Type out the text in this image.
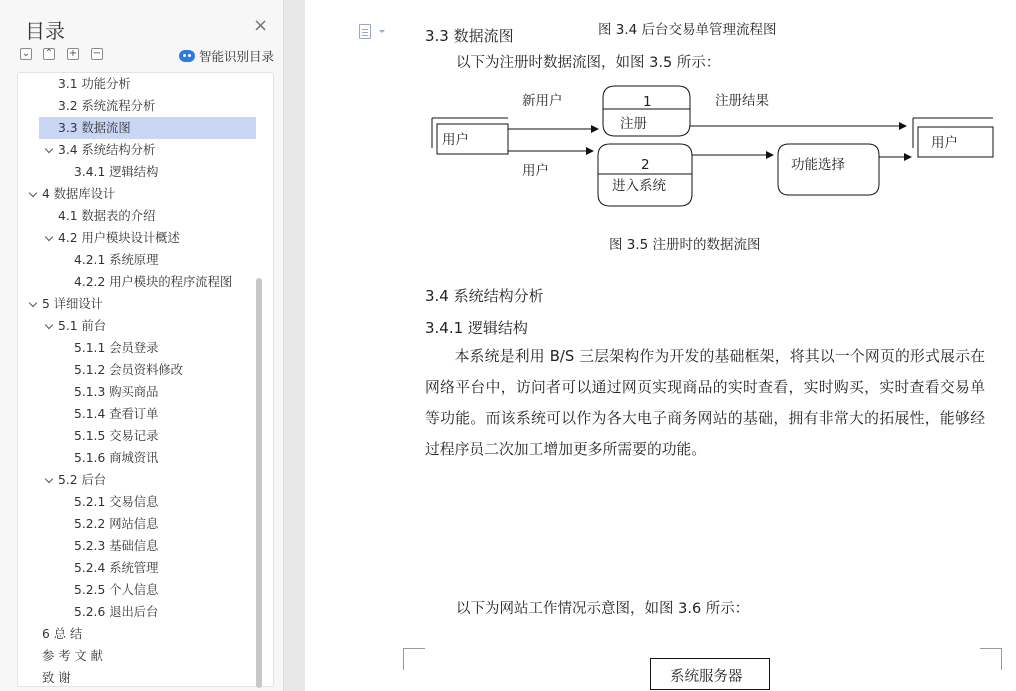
目录	×
⌄ ⌃ + −	智能识别目录
3.1 功能分析
3.2 系统流程分析
3.3 数据流图
3.4 系统结构分析
3.4.1 逻辑结构
4 数据库设计
4.1 数据表的介绍
4.2 用户模块设计概述
4.2.1 系统原理
4.2.2 用户模块的程序流程图
5 详细设计
5.1 前台
5.1.1 会员登录
5.1.2 会员资料修改
5.1.3 购买商品
5.1.4 查看订单
5.1.5 交易记录
5.1.6 商城资讯
5.2 后台
5.2.1 交易信息
5.2.2 网站信息
5.2.3 基础信息
5.2.4 系统管理
5.2.5 个人信息
5.2.6 退出后台
6 总 结
参 考 文 献
致 谢
图 3.4 后台交易单管理流程图
3.3 数据流图
以下为注册时数据流图，如图 3.5 所示：
用户
新用户
用户
1
注册
2
进入系统
注册结果
功能选择
用户
图 3.5 注册时的数据流图
3.4 系统结构分析
3.4.1 逻辑结构
本系统是利用 B/S 三层架构作为开发的基础框架，将其以一个网页的形式展示在网络平台中，访问者可以通过网页实现商品的实时查看，实时购买，实时查看交易单等功能。而该系统可以作为各大电子商务网站的基础，拥有非常大的拓展性，能够经过程序员二次加工增加更多所需要的功能。
以下为网站工作情况示意图，如图 3.6 所示：
系统服务器
